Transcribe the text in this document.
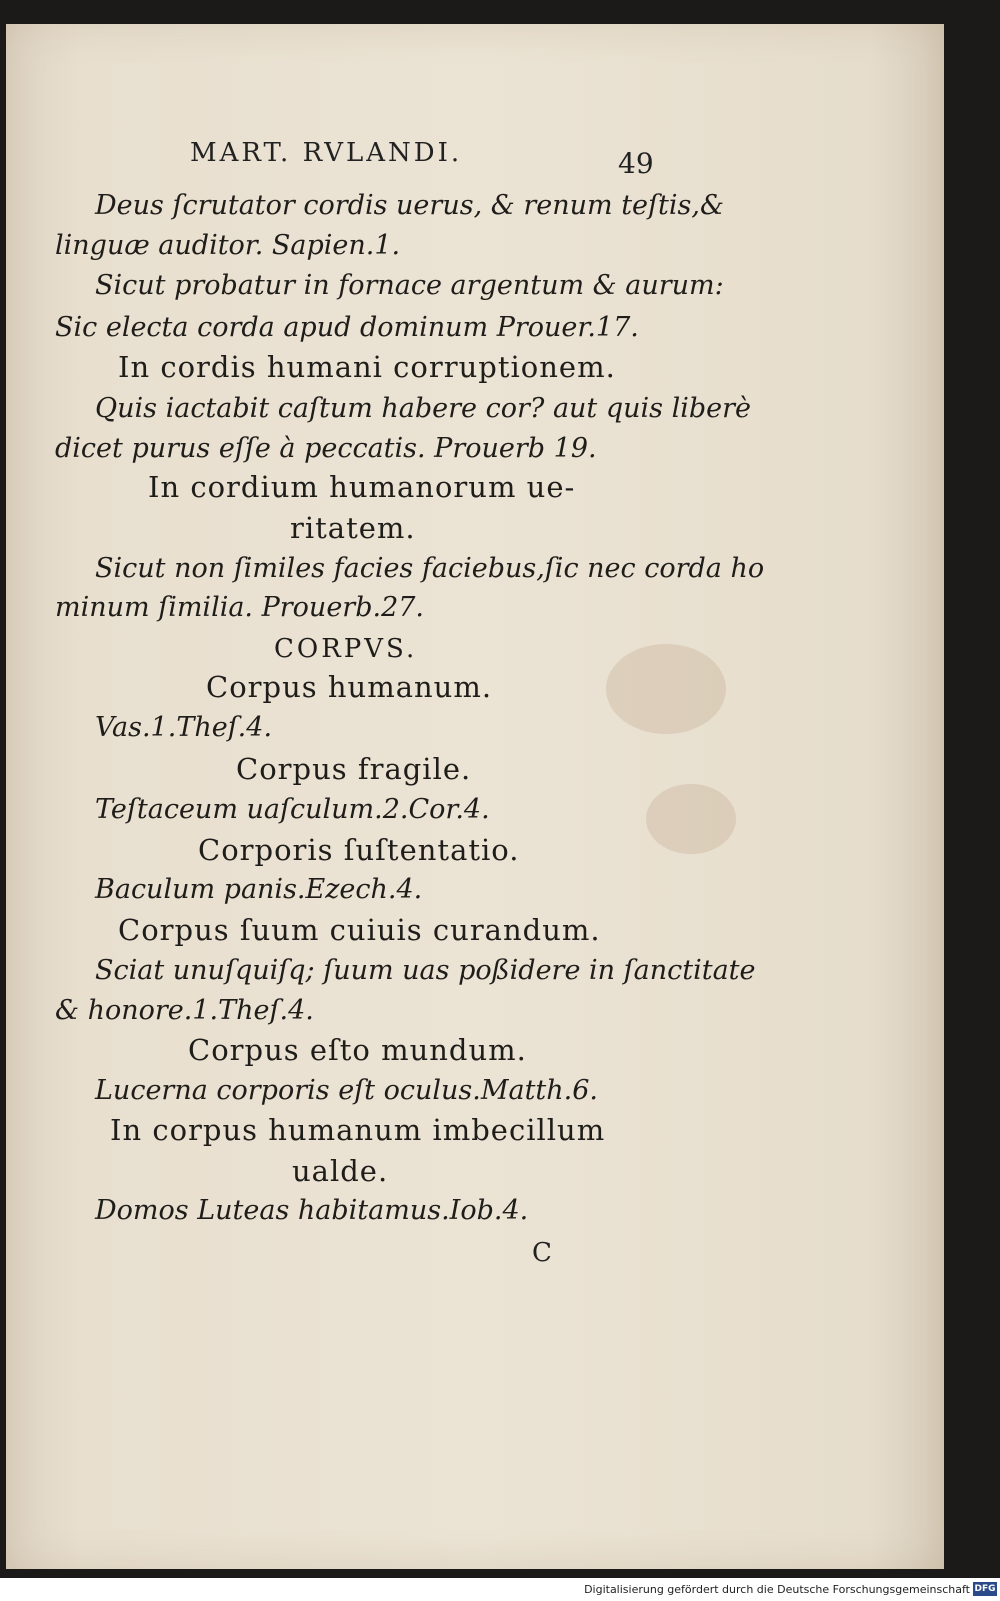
MART. RVLANDI.	49
Deus ſcrutator cordis uerus, & renum teſtis,&
linguæ auditor. Sapien.1.
Sicut probatur in fornace argentum & aurum:
Sic electa corda apud dominum Prouer.17.
In cordis humani corruptionem.
Quis iactabit caſtum habere cor? aut quis liberè
dicet purus eſſe à peccatis. Prouerb 19.
In cordium humanorum ue-
ritatem.
Sicut non ſimiles facies faciebus,ſic nec corda ho
minum ſimilia. Prouerb.27.
CORPVS.
Corpus humanum.
Vas.1.Theſ.4.
Corpus fragile.
Teſtaceum uaſculum.2.Cor.4.
Corporis ſuſtentatio.
Baculum panis.Ezech.4.
Corpus ſuum cuiuis curandum.
Sciat unuſquiſq; ſuum uas poßidere in ſanctitate
& honore.1.Theſ.4.
Corpus eſto mundum.
Lucerna corporis eſt oculus.Matth.6.
In corpus humanum imbecillum
ualde.
Domos Luteas habitamus.Iob.4.
C
Digitalisierung gefördert durch die Deutsche Forschungsgemeinschaft DFG
